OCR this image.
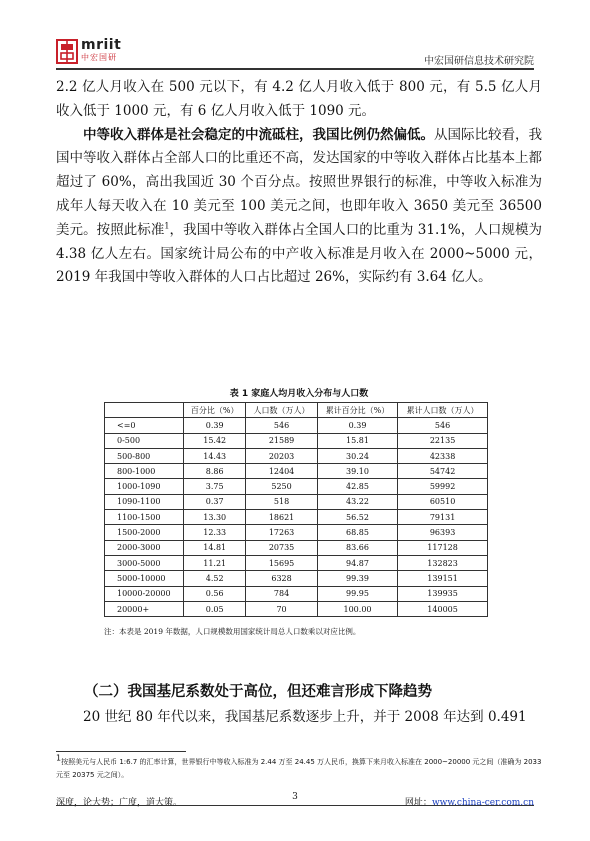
mriit
中宏国研	中宏国研信息技术研究院

2.2 亿人月收入在 500 元以下，有 4.2 亿人月收入低于 800 元，有 5.5 亿人月收入低于 1000 元，有 6 亿人月收入低于 1090 元。

中等收入群体是社会稳定的中流砥柱，我国比例仍然偏低。从国际比较看，我国中等收入群体占全部人口的比重还不高，发达国家的中等收入群体占比基本上都超过了 60%，高出我国近 30 个百分点。按照世界银行的标准，中等收入标准为成年人每天收入在 10 美元至 100 美元之间，也即年收入 3650 美元至 36500 美元。按照此标准$^1$，我国中等收入群体占全国人口的比重为 31.1%，人口规模为 4.38 亿人左右。国家统计局公布的中产收入标准是月收入在 2000~5000 元，2019 年我国中等收入群体的人口占比超过 26%，实际约有 3.64 亿人。

表 1 家庭人均月收入分布与人口数
	百分比（%）	人口数（万人）	累计百分比（%）	累计人口数（万人）
<=0	0.39	546	0.39	546
0-500	15.42	21589	15.81	22135
500-800	14.43	20203	30.24	42338
800-1000	8.86	12404	39.10	54742
1000-1090	3.75	5250	42.85	59992
1090-1100	0.37	518	43.22	60510
1100-1500	13.30	18621	56.52	79131
1500-2000	12.33	17263	68.85	96393
2000-3000	14.81	20735	83.66	117128
3000-5000	11.21	15695	94.87	132823
5000-10000	4.52	6328	99.39	139151
10000-20000	0.56	784	99.95	139935
20000+	0.05	70	100.00	140005
注：本表是 2019 年数据，人口规模数用国家统计局总人口数乘以对应比例。
（二）我国基尼系数处于高位，但还难言形成下降趋势

20 世纪 80 年代以来，我国基尼系数逐步上升，并于 2008 年达到 0.491

$^1$按照美元与人民币 1:6.7 的汇率计算，世界银行中等收入标准为 2.44 万至 24.45 万人民币，换算下来月收入标准在 2000~20000 元之间（准确为 2033 元至 20375 元之间）。
深度，论大势；广度，道大策。
3
网址：www.china-cer.com.cn
